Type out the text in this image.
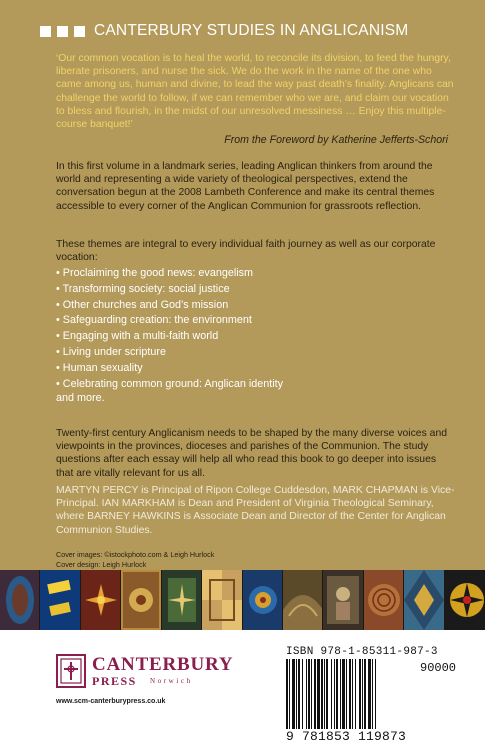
CANTERBURY STUDIES IN ANGLICANISM

‘Our common vocation is to heal the world, to reconcile its division, to feed the hungry, liberate prisoners, and nurse the sick. We do the work in the name of the one who came among us, human and divine, to lead the way past death’s finality. Anglicans can challenge the world to follow, if we can remember who we are, and claim our vocation to bless and flourish, in the midst of our unresolved messiness … Enjoy this multiple-course banquet!’

From the Foreword by Katherine Jefferts-Schori

In this first volume in a landmark series, leading Anglican thinkers from around the world and representing a wide variety of theological perspectives, extend the conversation begun at the 2008 Lambeth Conference and make its central themes accessible to every corner of the Anglican Communion for grassroots reflection.

These themes are integral to every individual faith journey as well as our corporate vocation:

• Proclaiming the good news: evangelism
• Transforming society: social justice
• Other churches and God’s mission
• Safeguarding creation: the environment
• Engaging with a multi-faith world
• Living under scripture
• Human sexuality
• Celebrating common ground: Anglican identity

and more.

Twenty-first century Anglicanism needs to be shaped by the many diverse voices and viewpoints in the provinces, dioceses and parishes of the Communion. The study questions after each essay will help all who read this book to go deeper into issues that are vitally relevant for us all.

MARTYN PERCY is Principal of Ripon College Cuddesdon, MARK CHAPMAN is Vice-Principal. IAN MARKHAM is Dean and President of Virginia Theological Seminary, where BARNEY HAWKINS is Associate Dean and Director of the Center for Anglican Communion Studies.

Cover images: ©istockphoto.com & Leigh Hurlock
Cover design: Leigh Hurlock
CANTERBURY
PRESS Norwich
www.scm-canterburypress.co.uk
ISBN 978-1-85311-987-3
90000
9 781853 119873
